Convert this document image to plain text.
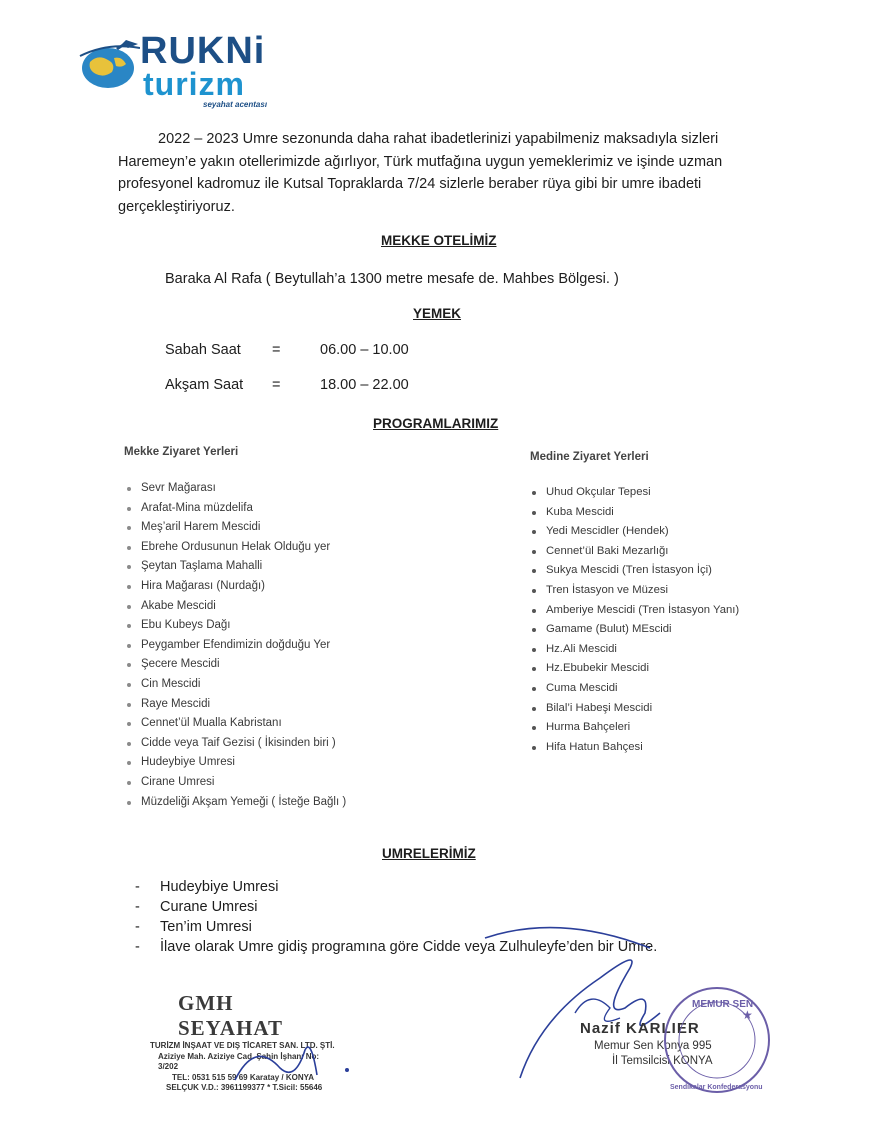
RUKNi
turizm
seyahat acentası
2022 – 2023 Umre sezonunda daha rahat ibadetlerinizi yapabilmeniz maksadıyla sizleri Haremeyn’e yakın otellerimizde ağırlıyor, Türk mutfağına uygun yemeklerimiz ve işinde uzman profesyonel kadromuz ile Kutsal Topraklarda 7/24 sizlerle beraber rüya gibi bir umre ibadeti gerçekleştiriyoruz.
MEKKE OTELİMİZ
Baraka Al Rafa ( Beytullah’a 1300 metre mesafe de. Mahbes Bölgesi. )
YEMEK
Sabah Saat =	06.00 – 10.00
Akşam Saat =	18.00 – 22.00
PROGRAMLARIMIZ
Mekke Ziyaret Yerleri
Sevr Mağarası
Arafat-Mina müzdelifa
Meş’aril Harem Mescidi
Ebrehe Ordusunun Helak Olduğu yer
Şeytan Taşlama Mahalli
Hira Mağarası (Nurdağı)
Akabe Mescidi
Ebu Kubeys Dağı
Peygamber Efendimizin doğduğu Yer
Şecere Mescidi
Cin Mescidi
Raye Mescidi
Cennet’ül Mualla Kabristanı
Cidde veya Taif Gezisi ( İkisinden biri )
Hudeybiye Umresi
Cirane Umresi
Müzdeliği Akşam Yemeği ( İsteğe Bağlı )
Medine Ziyaret Yerleri
Uhud Okçular Tepesi
Kuba Mescidi
Yedi Mescidler (Hendek)
Cennet’ül Baki Mezarlığı
Sukya Mescidi (Tren İstasyon İçi)
Tren İstasyon ve Müzesi
Amberiye Mescidi (Tren İstasyon Yanı)
Gamame (Bulut) MEscidi
Hz.Ali Mescidi
Hz.Ebubekir Mescidi
Cuma Mescidi
Bilal’i Habeşi Mescidi
Hurma Bahçeleri
Hifa Hatun Bahçesi
UMRELERİMİZ
- Hudeybiye Umresi
- Curane Umresi
- Ten’im Umresi
- İlave olarak Umre gidiş programına göre Cidde veya Zulhuleyfe’den bir Umre.
GMH SEYAHAT
TURİZM İNŞAAT VE DIŞ TİCARET SAN. LTD. ŞTİ.
Aziziye Mah. Aziziye Cad. Şahin İşhanı No: 3/202
TEL: 0531 515 59 69 Karatay / KONYA
SELÇUK V.D.: 3961199377 * T.Sicil: 55646
Nazif KARLIER
Memur Sen Konya 995
İl Temsilcisi KONYA
MEMUR SEN
Sendikalar Konfederasyonu
★
